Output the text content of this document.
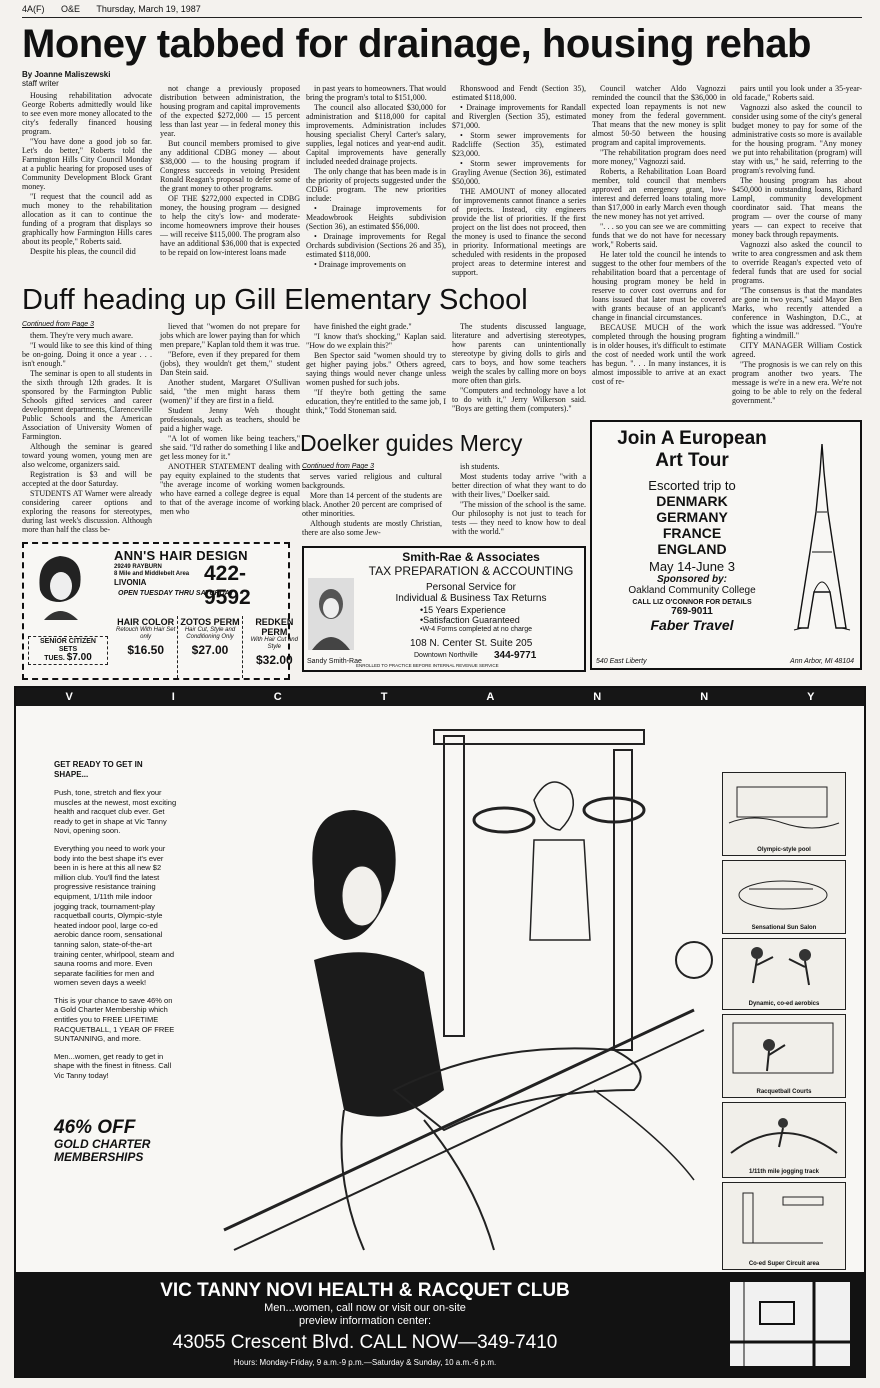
4A(F) O&E Thursday, March 19, 1987
Money tabbed for drainage, housing rehab
By Joanne Maliszewski
staff writer

Housing rehabilitation advocate George Roberts admittedly would like to see even more money allocated to the city's federally financed housing program.

"You have done a good job so far. Let's do better," Roberts told the Farmington Hills City Council Monday at a public hearing for proposed uses of Community Development Block Grant money.

"I request that the council add as much money to the rehabilitation allocation as it can to continue the funding of a program that displays so graphically how Farmington Hills cares about its people," Roberts said.

Despite his pleas, the council did

not change a previously proposed distribution between administration, the housing program and capital improvements of the expected $272,000 — 15 percent less than last year — in federal money this year.

But council members promised to give any additional CDBG money — about $38,000 — to the housing program if Congress succeeds in vetoing President Ronald Reagan's proposal to defer some of the grant money to other programs.

OF THE $272,000 expected in CDBG money, the housing program — designed to help the city's low- and moderate-income homeowners improve their houses — will receive $115,000. The program also have an additional $36,000 that is expected to be repaid on low-interest loans made

in past years to homeowners. That would bring the program's total to $151,000.

The council also allocated $30,000 for administration and $118,000 for capital improvements. Administration includes housing specialist Cheryl Carter's salary, supplies, legal notices and year-end audit. Capital improvements have generally included needed drainage projects.

The only change that has been made is in the priority of projects suggested under the CDBG program. The new priorities include:

• Drainage improvements for Meadowbrook Heights subdivision (Section 36), an estimated $56,000.

• Drainage improvements for Regal Orchards subdivision (Sections 26 and 35), estimated $118,000.

• Drainage improvements on

Rhonswood and Fendt (Section 35), estimated $118,000.

• Drainage improvements for Randall and Riverglen (Section 35), estimated $71,000.

• Storm sewer improvements for Radcliffe (Section 35), estimated $23,000.

• Storm sewer improvements for Grayling Avenue (Section 36), estimated $50,000.

THE AMOUNT of money allocated for improvements cannot finance a series of projects. Instead, city engineers provide the list of priorities. If the first project on the list does not proceed, then the money is used to finance the second in priority. Informational meetings are scheduled with residents in the proposed project areas to determine interest and support.

Council watcher Aldo Vagnozzi reminded the council that the $36,000 in expected loan repayments is not new money from the federal government. That means that the new money is split almost 50-50 between the housing program and capital improvements.

"The rehabilitation program does need more money," Vagnozzi said.

Roberts, a Rehabilitation Loan Board member, told council that members approved an emergency grant, low-interest and deferred loans totaling more than $17,000 in early March even though the new money has not yet arrived.

". . . so you can see we are committing funds that we do not have for necessary work," Roberts said.

He later told the council he intends to suggest to the other four members of the rehabilitation board that a percentage of housing program money be held in reserve to cover cost overruns and for loans issued that later must be covered with grants because of an applicant's change in financial circumstances.

BECAUSE MUCH of the work completed through the housing program is in older houses, it's difficult to estimate the cost of needed work until the work has begun. ". . . In many instances, it is almost impossible to arrive at an exact cost of re-

pairs until you look under a 35-year-old facade," Roberts said.

Vagnozzi also asked the council to consider using some of the city's general budget money to pay for some of the administrative costs so more is available for the housing program. "Any money we put into rehabilitation (program) will stay with us," he said, referring to the program's revolving fund.

The housing program has about $450,000 in outstanding loans, Richard Lampl, community development coordinator said. That means the program — over the course of many years — can expect to receive that money back through repayments.

Vagnozzi also asked the council to write to area congressmen and ask them to override Reagan's expected veto of federal funds that are used for social programs.

"The consensus is that the mandates are gone in two years," said Mayor Ben Marks, who recently attended a conference in Washington, D.C., at which the issue was addressed. "You're fighting a windmill."

CITY MANAGER William Costick agreed.

"The prognosis is we can rely on this program another two years. The message is we're in a new era. We're not going to be able to rely on the federal government."

Duff heading up Gill Elementary School
Continued from Page 3

them. They're very much aware.

"I would like to see this kind of thing be on-going. Doing it once a year . . . isn't enough."

The seminar is open to all students in the sixth through 12th grades. It is sponsored by the Farmington Public Schools gifted services and career development departments, Clarenceville Public Schools and the American Association of University Women of Farmington.

Although the seminar is geared toward young women, young men are also welcome, organizers said.

Registration is $3 and will be accepted at the door Saturday.

STUDENTS AT Warner were already considering career options and exploring the reasons for stereotypes, during last week's discussion. Although more than half the class be-

lieved that "women do not prepare for jobs which are lower paying than for which men prepare," Kaplan told them it was true.

"Before, even if they prepared for them (jobs), they wouldn't get them," student Dan Stein said.

Another student, Margaret O'Sullivan said, "the men might harass them (women)" if they are first in a field.

Student Jenny Weh thought professionals, such as teachers, should be paid a higher wage.

"A lot of women like being teachers," she said. "I'd rather do something I like and get less money for it."

ANOTHER STATEMENT dealing with pay equity explained to the students that "the average income of working women who have earned a college degree is equal to that of the average income of working men who

have finished the eight grade."

"I know that's shocking," Kaplan said. "How do we explain this?"

Ben Spector said "women should try to get higher paying jobs." Others agreed, saying things would never change unless women pushed for such jobs.

"If they're both getting the same education, they're entitled to the same job, I think," Todd Stoneman said.

The students discussed language, literature and advertising stereotypes, how parents can unintentionally stereotype by giving dolls to girls and cars to boys, and how some teachers weigh the scales by calling more on boys more often than girls.

"Computers and technology have a lot to do with it," Jerry Wilkerson said. "Boys are getting them (computers)."

Doelker guides Mercy
Continued from Page 3

serves varied religious and cultural backgrounds.

More than 14 percent of the students are black. Another 20 percent are comprised of other minorities.

Although students are mostly Christian, there are also some Jew-

ish students.

Most students today arrive "with a better direction of what they want to do with their lives," Doelker said.

"The mission of the school is the same. Our philosophy is not just to teach for tests — they need to know how to deal with the world."

Join A European
Art Tour
Escorted trip to
DENMARK
GERMANY
FRANCE
ENGLAND
May 14-June 3
Sponsored by:
Oakland Community College
CALL LIZ O'CONNOR FOR DETAILS
769-9011
Faber Travel
540 East Liberty	Ann Arbor, MI 48104
ANN'S HAIR DESIGN
29249 RAYBURN
8 Mile and Middlebelt Area
LIVONIA	422-9592
OPEN TUESDAY THRU SATURDAY
HAIR COLOR
Retouch With Hair Set only
$16.50
ZOTOS PERM
Hair Cut, Style and Conditioning Only
$27.00
REDKEN PERM
With Hair Cut and Style
$32.00
SENIOR CITIZEN SETS
TUES. $7.00	Sandy Smith-Rae
Smith-Rae & Associates
TAX PREPARATION & ACCOUNTING
Personal Service for
Individual & Business Tax Returns
•15 Years Experience
•Satisfaction Guaranteed
•W-4 Forms completed at no charge
108 N. Center St. Suite 205
Downtown Northville 344-9771
ENROLLED TO PRACTICE BEFORE INTERNAL REVENUE SERVICE
V	I	C	T	A	N	N	Y
GET READY TO GET IN SHAPE...

Push, tone, stretch and flex your muscles at the newest, most exciting health and racquet club ever. Get ready to get in shape at Vic Tanny Novi, opening soon.

Everything you need to work your body into the best shape it's ever been in is here at this all new $2 million club. You'll find the latest progressive resistance training equipment, 1/11th mile indoor jogging track, tournament-play racquetball courts, Olympic-style heated indoor pool, large co-ed aerobic dance room, sensational tanning salon, state-of-the-art training center, whirlpool, steam and sauna rooms and more. Even separate facilities for men and women seven days a week!

This is your chance to save 46% on a Gold Charter Membership which entitles you to FREE LIFETIME RACQUETBALL, 1 YEAR OF FREE SUNTANNING, and more.

Men...women, get ready to get in shape with the finest in fitness. Call Vic Tanny today!

46% OFF
GOLD CHARTER
MEMBERSHIPS
Olympic-style pool
Sensational Sun Salon
Dynamic, co-ed aerobics
Racquetball Courts
1/11th mile jogging track
Co-ed Super Circuit area
VIC TANNY NOVI HEALTH & RACQUET CLUB
Men...women, call now or visit our on-site
preview information center:
43055 Crescent Blvd. CALL NOW—349-7410
Hours: Monday-Friday, 9 a.m.-9 p.m.—Saturday & Sunday, 10 a.m.-6 p.m.
